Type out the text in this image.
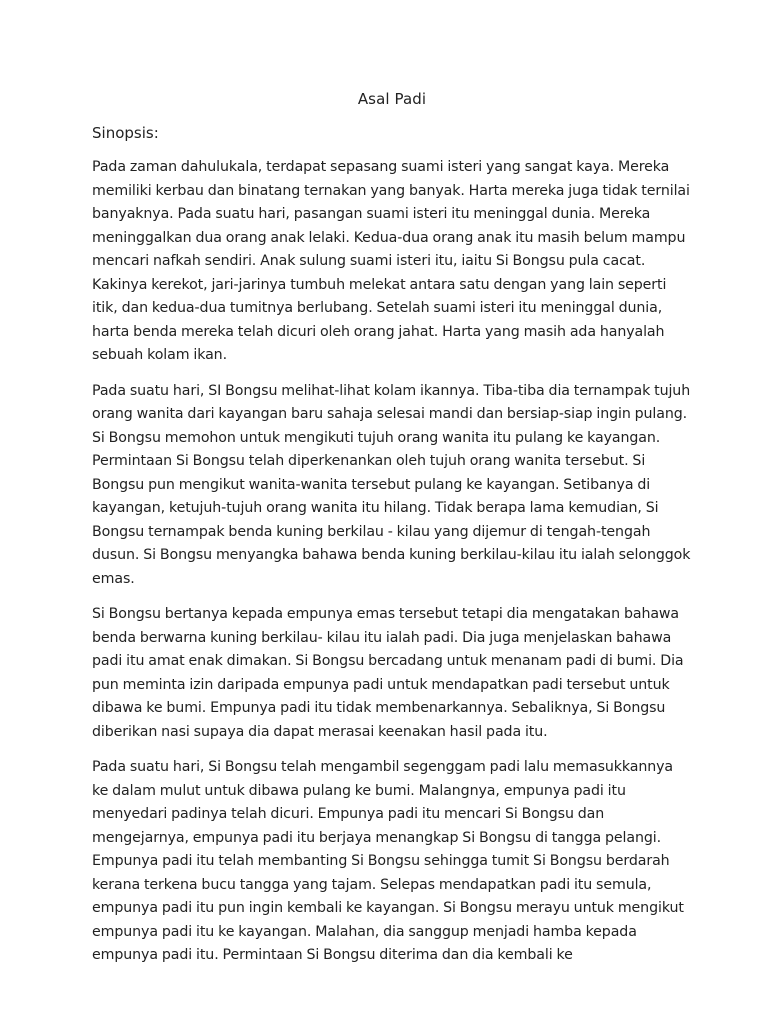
Asal Padi
Sinopsis:

Pada zaman dahulukala, terdapat sepasang suami isteri yang sangat kaya. Mereka memiliki kerbau dan binatang ternakan yang banyak. Harta mereka juga tidak ternilai banyaknya. Pada suatu hari, pasangan suami isteri itu meninggal dunia. Mereka meninggalkan dua orang anak lelaki. Kedua-dua orang anak itu masih belum mampu mencari nafkah sendiri. Anak sulung suami isteri itu, iaitu Si Bongsu pula cacat. Kakinya kerekot, jari-jarinya tumbuh melekat antara satu dengan yang lain seperti itik, dan kedua-dua tumitnya berlubang. Setelah suami isteri itu meninggal dunia, harta benda mereka telah dicuri oleh orang jahat. Harta yang masih ada hanyalah sebuah kolam ikan.

Pada suatu hari, SI Bongsu melihat-lihat kolam ikannya. Tiba-tiba dia ternampak tujuh orang wanita dari kayangan baru sahaja selesai mandi dan bersiap-siap ingin pulang. Si Bongsu memohon untuk mengikuti tujuh orang wanita itu pulang ke kayangan. Permintaan Si Bongsu telah diperkenankan oleh tujuh orang wanita tersebut. Si Bongsu pun mengikut wanita-wanita tersebut pulang ke kayangan. Setibanya di kayangan, ketujuh-tujuh orang wanita itu hilang. Tidak berapa lama kemudian, Si Bongsu ternampak benda kuning berkilau - kilau yang dijemur di tengah-tengah dusun. Si Bongsu menyangka bahawa benda kuning berkilau-kilau itu ialah selonggok emas.

Si Bongsu bertanya kepada empunya emas tersebut tetapi dia mengatakan bahawa benda berwarna kuning berkilau- kilau itu ialah padi. Dia juga menjelaskan bahawa padi itu amat enak dimakan. Si Bongsu bercadang untuk menanam padi di bumi. Dia pun meminta izin daripada empunya padi untuk mendapatkan padi tersebut untuk dibawa ke bumi. Empunya padi itu tidak membenarkannya. Sebaliknya, Si Bongsu diberikan nasi supaya dia dapat merasai keenakan hasil pada itu.

Pada suatu hari, Si Bongsu telah mengambil segenggam padi lalu memasukkannya ke dalam mulut untuk dibawa pulang ke bumi. Malangnya, empunya padi itu menyedari padinya telah dicuri. Empunya padi itu mencari Si Bongsu dan mengejarnya, empunya padi itu berjaya menangkap Si Bongsu di tangga pelangi. Empunya padi itu telah membanting Si Bongsu sehingga tumit Si Bongsu berdarah kerana terkena bucu tangga yang tajam. Selepas mendapatkan padi itu semula, empunya padi itu pun ingin kembali ke kayangan. Si Bongsu merayu untuk mengikut empunya padi itu ke kayangan. Malahan, dia sanggup menjadi hamba kepada empunya padi itu. Permintaan Si Bongsu diterima dan dia kembali ke
